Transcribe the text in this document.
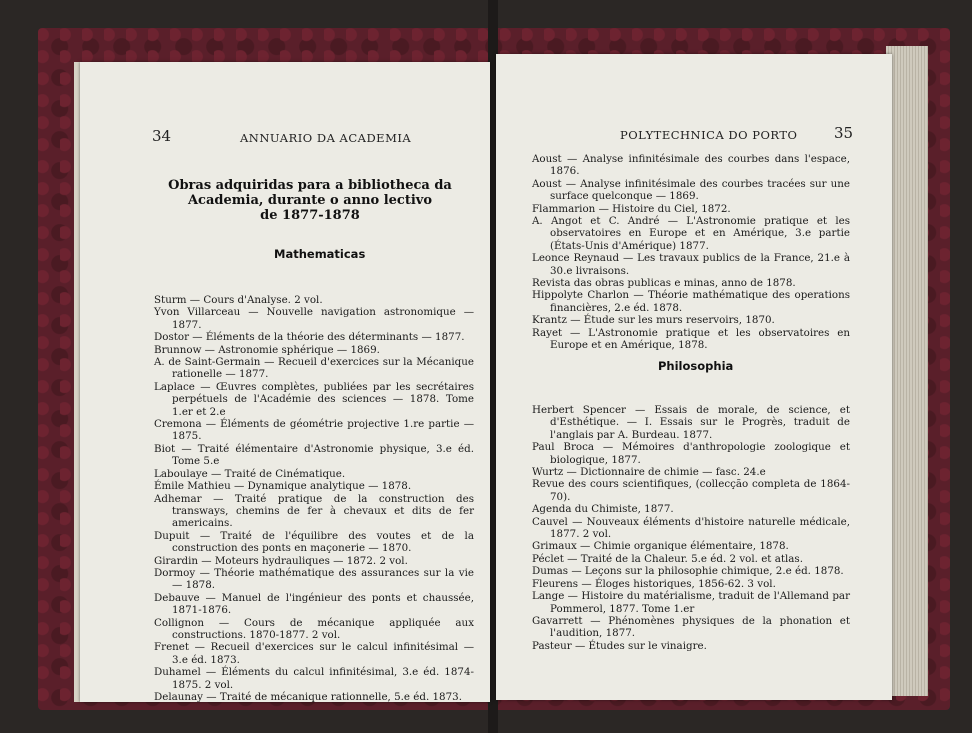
34	ANNUARIO DA ACADEMIA
Obras adquiridas para a bibliotheca da
Academia, durante o anno lectivo
de 1877-1878
Mathematicas
Sturm — Cours d'Analyse. 2 vol.
Yvon Villarceau — Nouvelle navigation astronomique — 1877.
Dostor — Éléments de la théorie des déterminants — 1877.
Brunnow — Astronomie sphérique — 1869.
A. de Saint-Germain — Recueil d'exercices sur la Mécanique rationelle — 1877.
Laplace — Œuvres complètes, publiées par les secrétaires perpétuels de l'Académie des sciences — 1878. Tome 1.er et 2.e
Cremona — Éléments de géométrie projective 1.re partie — 1875.
Biot — Traité élémentaire d'Astronomie physique, 3.e éd. Tome 5.e
Laboulaye — Traité de Cinématique.
Émile Mathieu — Dynamique analytique — 1878.
Adhemar — Traité pratique de la construction des transways, chemins de fer à chevaux et dits de fer americains.
Dupuit — Traité de l'équilibre des voutes et de la construction des ponts en maçonerie — 1870.
Girardin — Moteurs hydrauliques — 1872. 2 vol.
Dormoy — Théorie mathématique des assurances sur la vie — 1878.
Debauve — Manuel de l'ingénieur des ponts et chaussée, 1871-1876.
Collignon — Cours de mécanique appliquée aux constructions. 1870-1877. 2 vol.
Frenet — Recueil d'exercices sur le calcul infinitésimal — 3.e éd. 1873.
Duhamel — Éléments du calcul infinitésimal, 3.e éd. 1874-1875. 2 vol.
Delaunay — Traité de mécanique rationnelle, 5.e éd. 1873.
POLYTECHNICA DO PORTO 35
Aoust — Analyse infinitésimale des courbes dans l'espace, 1876.
Aoust — Analyse infinitésimale des courbes tracées sur une surface quelconque — 1869.
Flammarion — Histoire du Ciel, 1872.
A. Angot et C. André — L'Astronomie pratique et les observatoires en Europe et en Amérique, 3.e partie (États-Unis d'Amérique) 1877.
Leonce Reynaud — Les travaux publics de la France, 21.e à 30.e livraisons.
Revista das obras publicas e minas, anno de 1878.
Hippolyte Charlon — Théorie mathématique des operations financières, 2.e éd. 1878.
Krantz — Étude sur les murs reservoirs, 1870.
Rayet — L'Astronomie pratique et les observatoires en Europe et en Amérique, 1878.
Philosophia
Herbert Spencer — Essais de morale, de science, et d'Esthétique. — I. Essais sur le Progrès, traduit de l'anglais par A. Burdeau. 1877.
Paul Broca — Mémoires d'anthropologie zoologique et biologique, 1877.
Wurtz — Dictionnaire de chimie — fasc. 24.e
Revue des cours scientifiques, (collecção completa de 1864-70).
Agenda du Chimiste, 1877.
Cauvel — Nouveaux éléments d'histoire naturelle médicale, 1877. 2 vol.
Grimaux — Chimie organique élémentaire, 1878.
Péclet — Traité de la Chaleur. 5.e éd. 2 vol. et atlas.
Dumas — Leçons sur la philosophie chimique, 2.e éd. 1878.
Fleurens — Éloges historiques, 1856-62. 3 vol.
Lange — Histoire du matérialisme, traduit de l'Allemand par Pommerol, 1877. Tome 1.er
Gavarrett — Phénomènes physiques de la phonation et l'audition, 1877.
Pasteur — Études sur le vinaigre.
